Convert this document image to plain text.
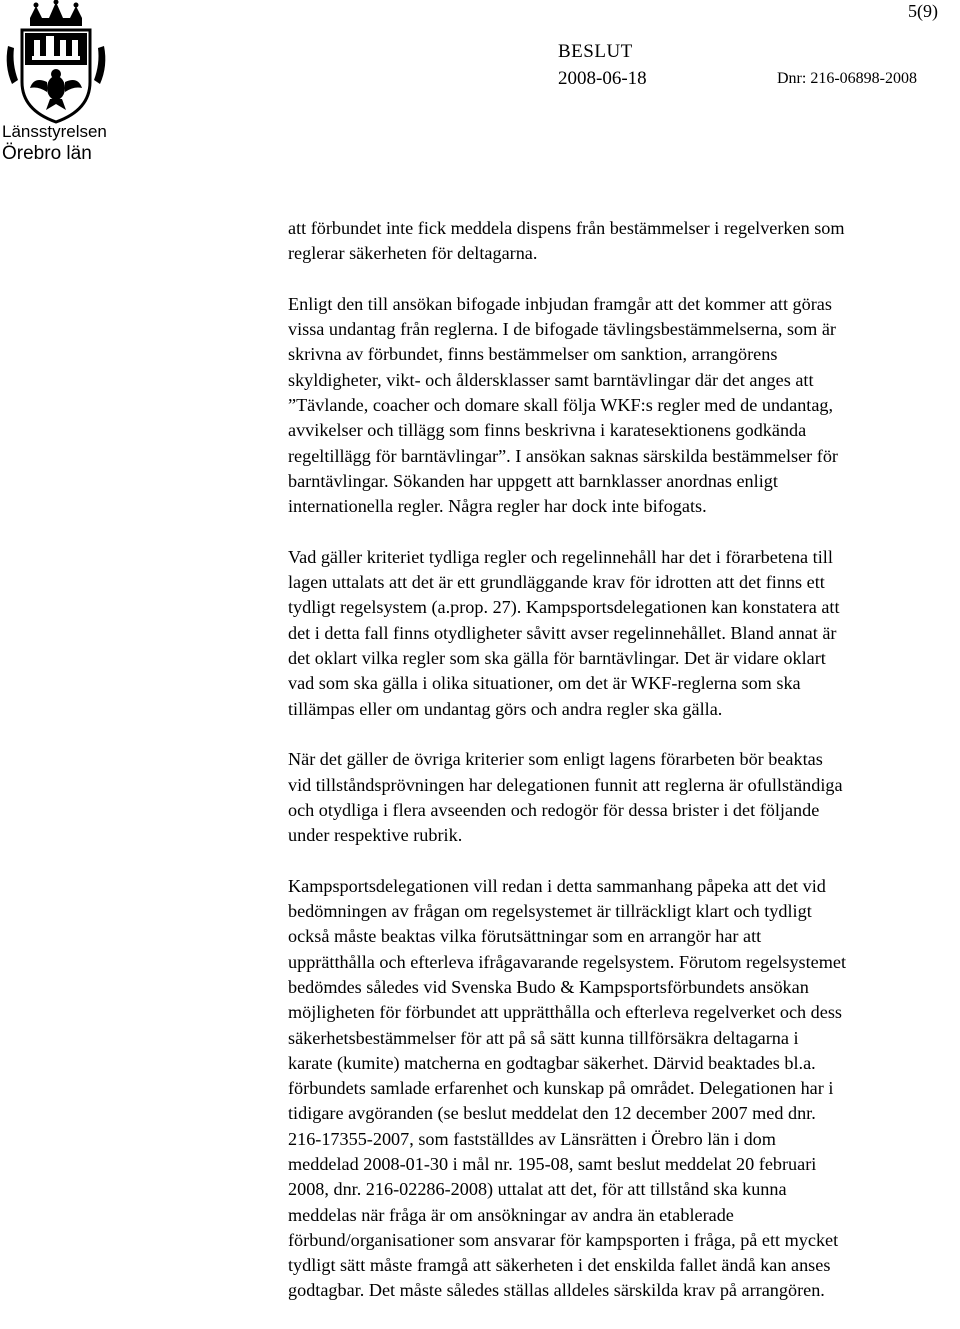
5(9)
Länsstyrelsen
Örebro län
BESLUT
2008-06-18	Dnr: 216-06898-2008

att förbundet inte fick meddela dispens från bestämmelser i regelverken som
reglerar säkerheten för deltagarna.

Enligt den till ansökan bifogade inbjudan framgår att det kommer att göras
vissa undantag från reglerna. I de bifogade tävlingsbestämmelserna, som är
skrivna av förbundet, finns bestämmelser om sanktion, arrangörens
skyldigheter, vikt- och åldersklasser samt barntävlingar där det anges att
”Tävlande, coacher och domare skall följa WKF:s regler med de undantag,
avvikelser och tillägg som finns beskrivna i karatesektionens godkända
regeltillägg för barntävlingar”. I ansökan saknas särskilda bestämmelser för
barntävlingar. Sökanden har uppgett att barnklasser anordnas enligt
internationella regler. Några regler har dock inte bifogats.

Vad gäller kriteriet tydliga regler och regelinnehåll har det i förarbetena till
lagen uttalats att det är ett grundläggande krav för idrotten att det finns ett
tydligt regelsystem (a.prop. 27). Kampsportsdelegationen kan konstatera att
det i detta fall finns otydligheter såvitt avser regelinnehållet. Bland annat är
det oklart vilka regler som ska gälla för barntävlingar. Det är vidare oklart
vad som ska gälla i olika situationer, om det är WKF-reglerna som ska
tillämpas eller om undantag görs och andra regler ska gälla.

När det gäller de övriga kriterier som enligt lagens förarbeten bör beaktas
vid tillståndsprövningen har delegationen funnit att reglerna är ofullständiga
och otydliga i flera avseenden och redogör för dessa brister i det följande
under respektive rubrik.

Kampsportsdelegationen vill redan i detta sammanhang påpeka att det vid
bedömningen av frågan om regelsystemet är tillräckligt klart och tydligt
också måste beaktas vilka förutsättningar som en arrangör har att
upprätthålla och efterleva ifrågavarande regelsystem. Förutom regelsystemet
bedömdes således vid Svenska Budo & Kampsportsförbundets ansökan
möjligheten för förbundet att upprätthålla och efterleva regelverket och dess
säkerhetsbestämmelser för att på så sätt kunna tillförsäkra deltagarna i
karate (kumite) matcherna en godtagbar säkerhet. Därvid beaktades bl.a.
förbundets samlade erfarenhet och kunskap på området. Delegationen har i
tidigare avgöranden (se beslut meddelat den 12 december 2007 med dnr.
216-17355-2007, som fastställdes av Länsrätten i Örebro län i dom
meddelad 2008-01-30 i mål nr. 195-08, samt beslut meddelat 20 februari
2008, dnr. 216-02286-2008) uttalat att det, för att tillstånd ska kunna
meddelas när fråga är om ansökningar av andra än etablerade
förbund/organisationer som ansvarar för kampsporten i fråga, på ett mycket
tydligt sätt måste framgå att säkerheten i det enskilda fallet ändå kan anses
godtagbar. Det måste således ställas alldeles särskilda krav på arrangören.
